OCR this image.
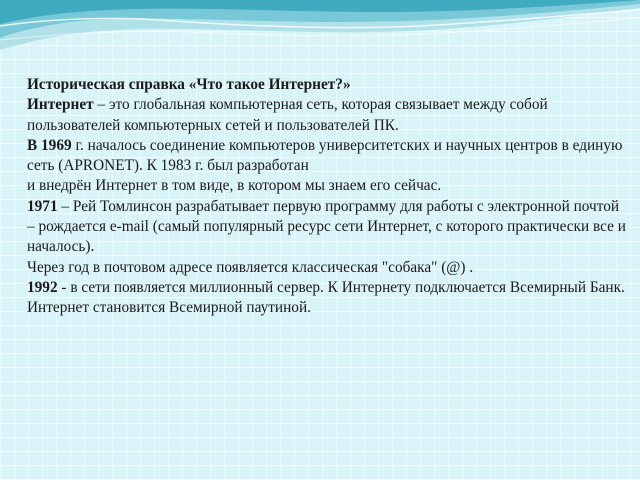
Историческая справка «Что такое Интернет?»

Интернет – это глобальная компьютерная сеть, которая связывает между собой пользователей компьютерных сетей и пользователей ПК.

В 1969 г. началось соединение компьютеров университетских и научных центров в единую сеть (APRONET). К 1983 г. был разработан

и внедрён Интернет в том виде, в котором мы знаем его сейчас.

1971 – Рей Томлинсон разрабатывает первую программу для работы с электронной почтой – рождается e-mail (самый популярный ресурс сети Интернет, с которого практически все и началось).

Через год в почтовом адресе появляется классическая "собака" (@) .

1992 - в сети появляется миллионный сервер. К Интернету подключается Всемирный Банк. Интернет становится Всемирной паутиной.
